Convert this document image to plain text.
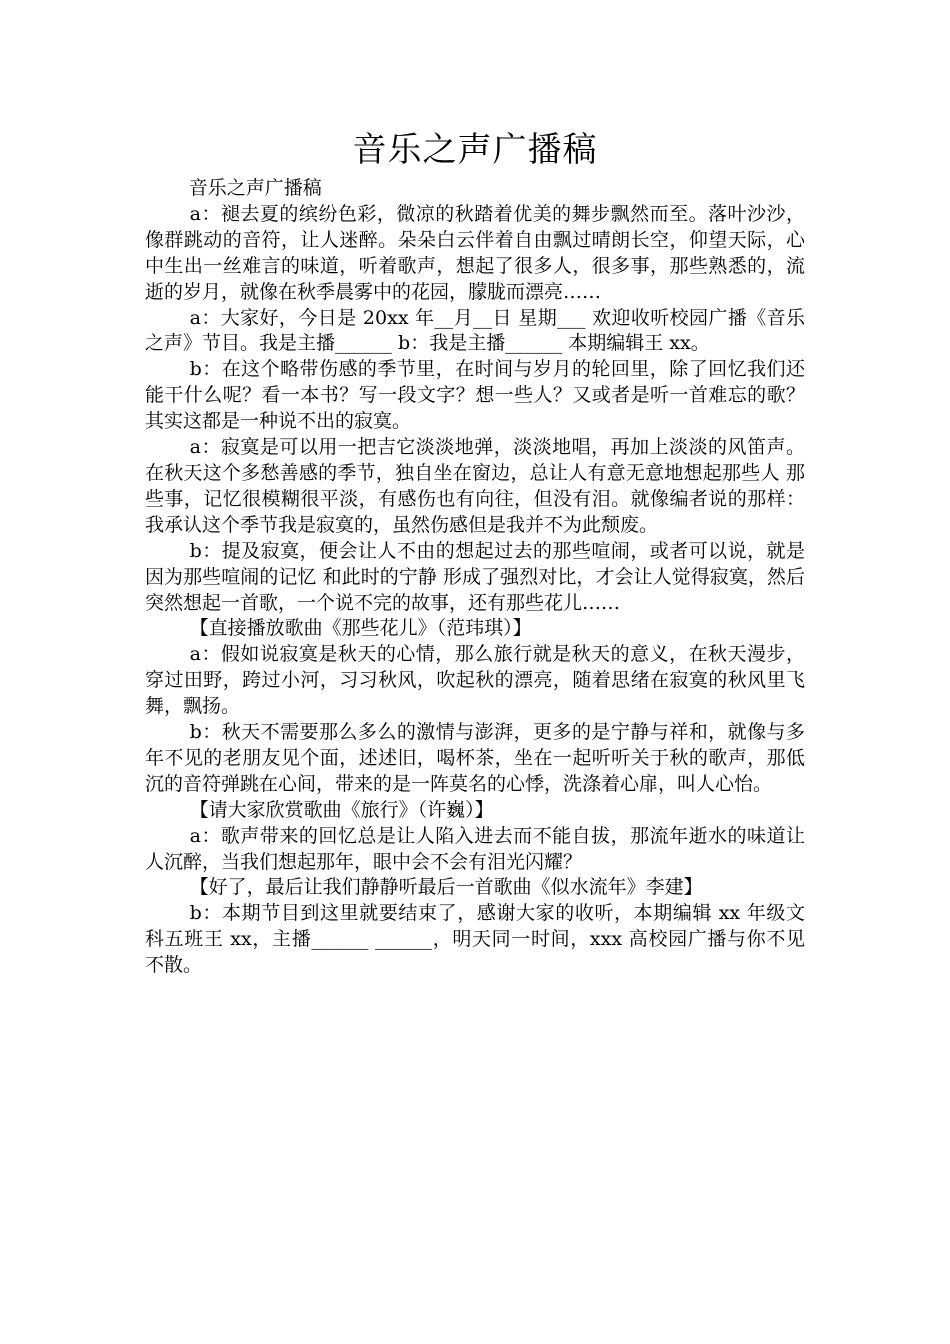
音乐之声广播稿

音乐之声广播稿

a：褪去夏的缤纷色彩，微凉的秋踏着优美的舞步飘然而至。落叶沙沙，像群跳动的音符，让人迷醉。朵朵白云伴着自由飘过晴朗长空，仰望天际，心中生出一丝难言的味道，听着歌声，想起了很多人，很多事，那些熟悉的，流逝的岁月，就像在秋季晨雾中的花园，朦胧而漂亮……

a：大家好，今日是 20xx 年__月__日 星期___ 欢迎收听校园广播《音乐之声》节目。我是主播______ b：我是主播______ 本期编辑王 xx。

b：在这个略带伤感的季节里，在时间与岁月的轮回里，除了回忆我们还能干什么呢？看一本书？写一段文字？想一些人？又或者是听一首难忘的歌？其实这都是一种说不出的寂寞。

a：寂寞是可以用一把吉它淡淡地弹，淡淡地唱，再加上淡淡的风笛声。在秋天这个多愁善感的季节，独自坐在窗边，总让人有意无意地想起那些人 那些事，记忆很模糊很平淡，有感伤也有向往，但没有泪。就像编者说的那样：我承认这个季节我是寂寞的，虽然伤感但是我并不为此颓废。

b：提及寂寞，便会让人不由的想起过去的那些喧闹，或者可以说，就是因为那些喧闹的记忆 和此时的宁静 形成了强烈对比，才会让人觉得寂寞，然后突然想起一首歌，一个说不完的故事，还有那些花儿……

【直接播放歌曲《那些花儿》（范玮琪）】

a：假如说寂寞是秋天的心情，那么旅行就是秋天的意义，在秋天漫步，穿过田野，跨过小河，习习秋风，吹起秋的漂亮，随着思绪在寂寞的秋风里飞舞，飘扬。

b：秋天不需要那么多么的激情与澎湃，更多的是宁静与祥和，就像与多年不见的老朋友见个面，述述旧，喝杯茶，坐在一起听听关于秋的歌声，那低沉的音符弹跳在心间，带来的是一阵莫名的心悸，洗涤着心扉，叫人心怡。

【请大家欣赏歌曲《旅行》（许巍）】

a：歌声带来的回忆总是让人陷入进去而不能自拔，那流年逝水的味道让人沉醉，当我们想起那年，眼中会不会有泪光闪耀？

【好了，最后让我们静静听最后一首歌曲《似水流年》李建】

b：本期节目到这里就要结束了，感谢大家的收听，本期编辑 xx 年级文科五班王 xx，主播______ ______，明天同一时间，xxx 高校园广播与你不见不散。
